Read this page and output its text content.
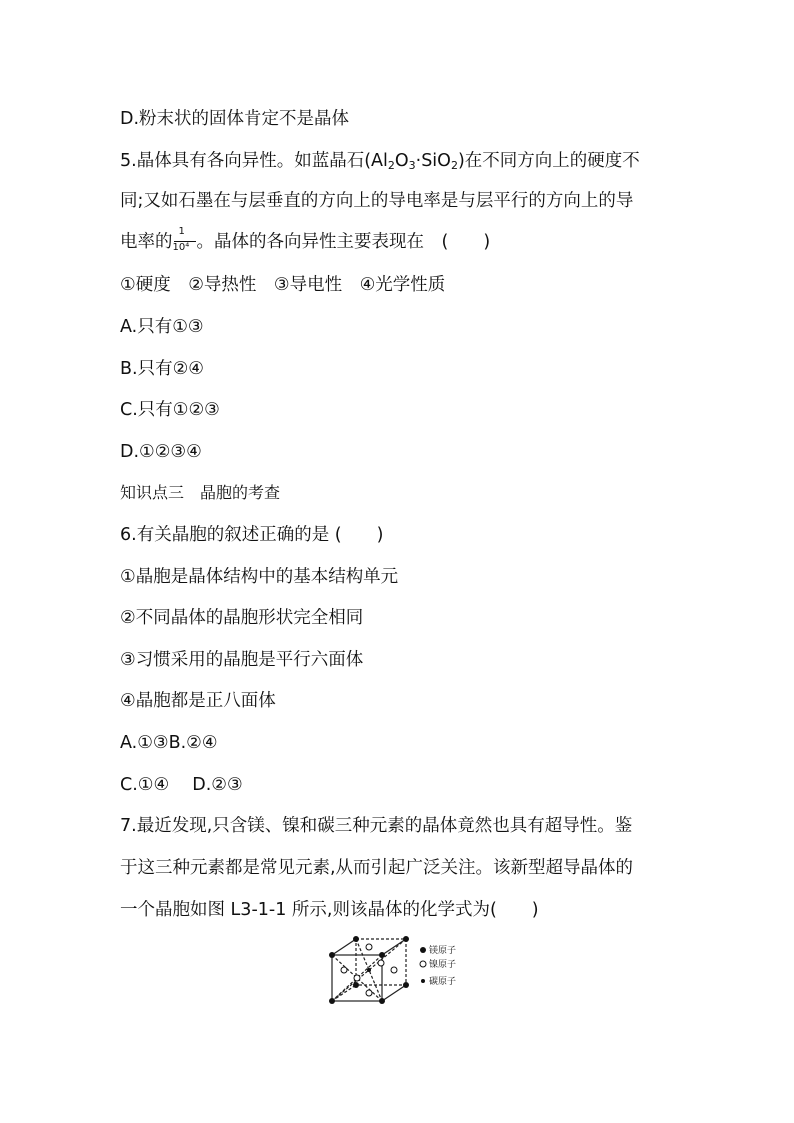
D.粉末状的固体肯定不是晶体
5.晶体具有各向异性。如蓝晶石$(Al_2O_3\cdot SiO_2)$在不同方向上的硬度不
同;又如石墨在与层垂直的方向上的导电率是与层平行的方向上的导
电率的 $\frac{1}{\text{10⁴}}$ 。晶体的各向异性主要表现在　(　　)
①硬度　②导热性　③导电性　④光学性质
A.只有①③
B.只有②④
C.只有①②③
D.①②③④
知识点三　晶胞的考查
6.有关晶胞的叙述正确的是 (　　)
①晶胞是晶体结构中的基本结构单元
②不同晶体的晶胞形状完全相同
③习惯采用的晶胞是平行六面体
④晶胞都是正八面体
A.①③B.②④
C.①④　 D.②③
7.最近发现,只含镁、镍和碳三种元素的晶体竟然也具有超导性。鉴
于这三种元素都是常见元素,从而引起广泛关注。该新型超导晶体的
一个晶胞如图 L3-1-1 所示,则该晶体的化学式为(　　)
镁原子
镍原子
碳原子
